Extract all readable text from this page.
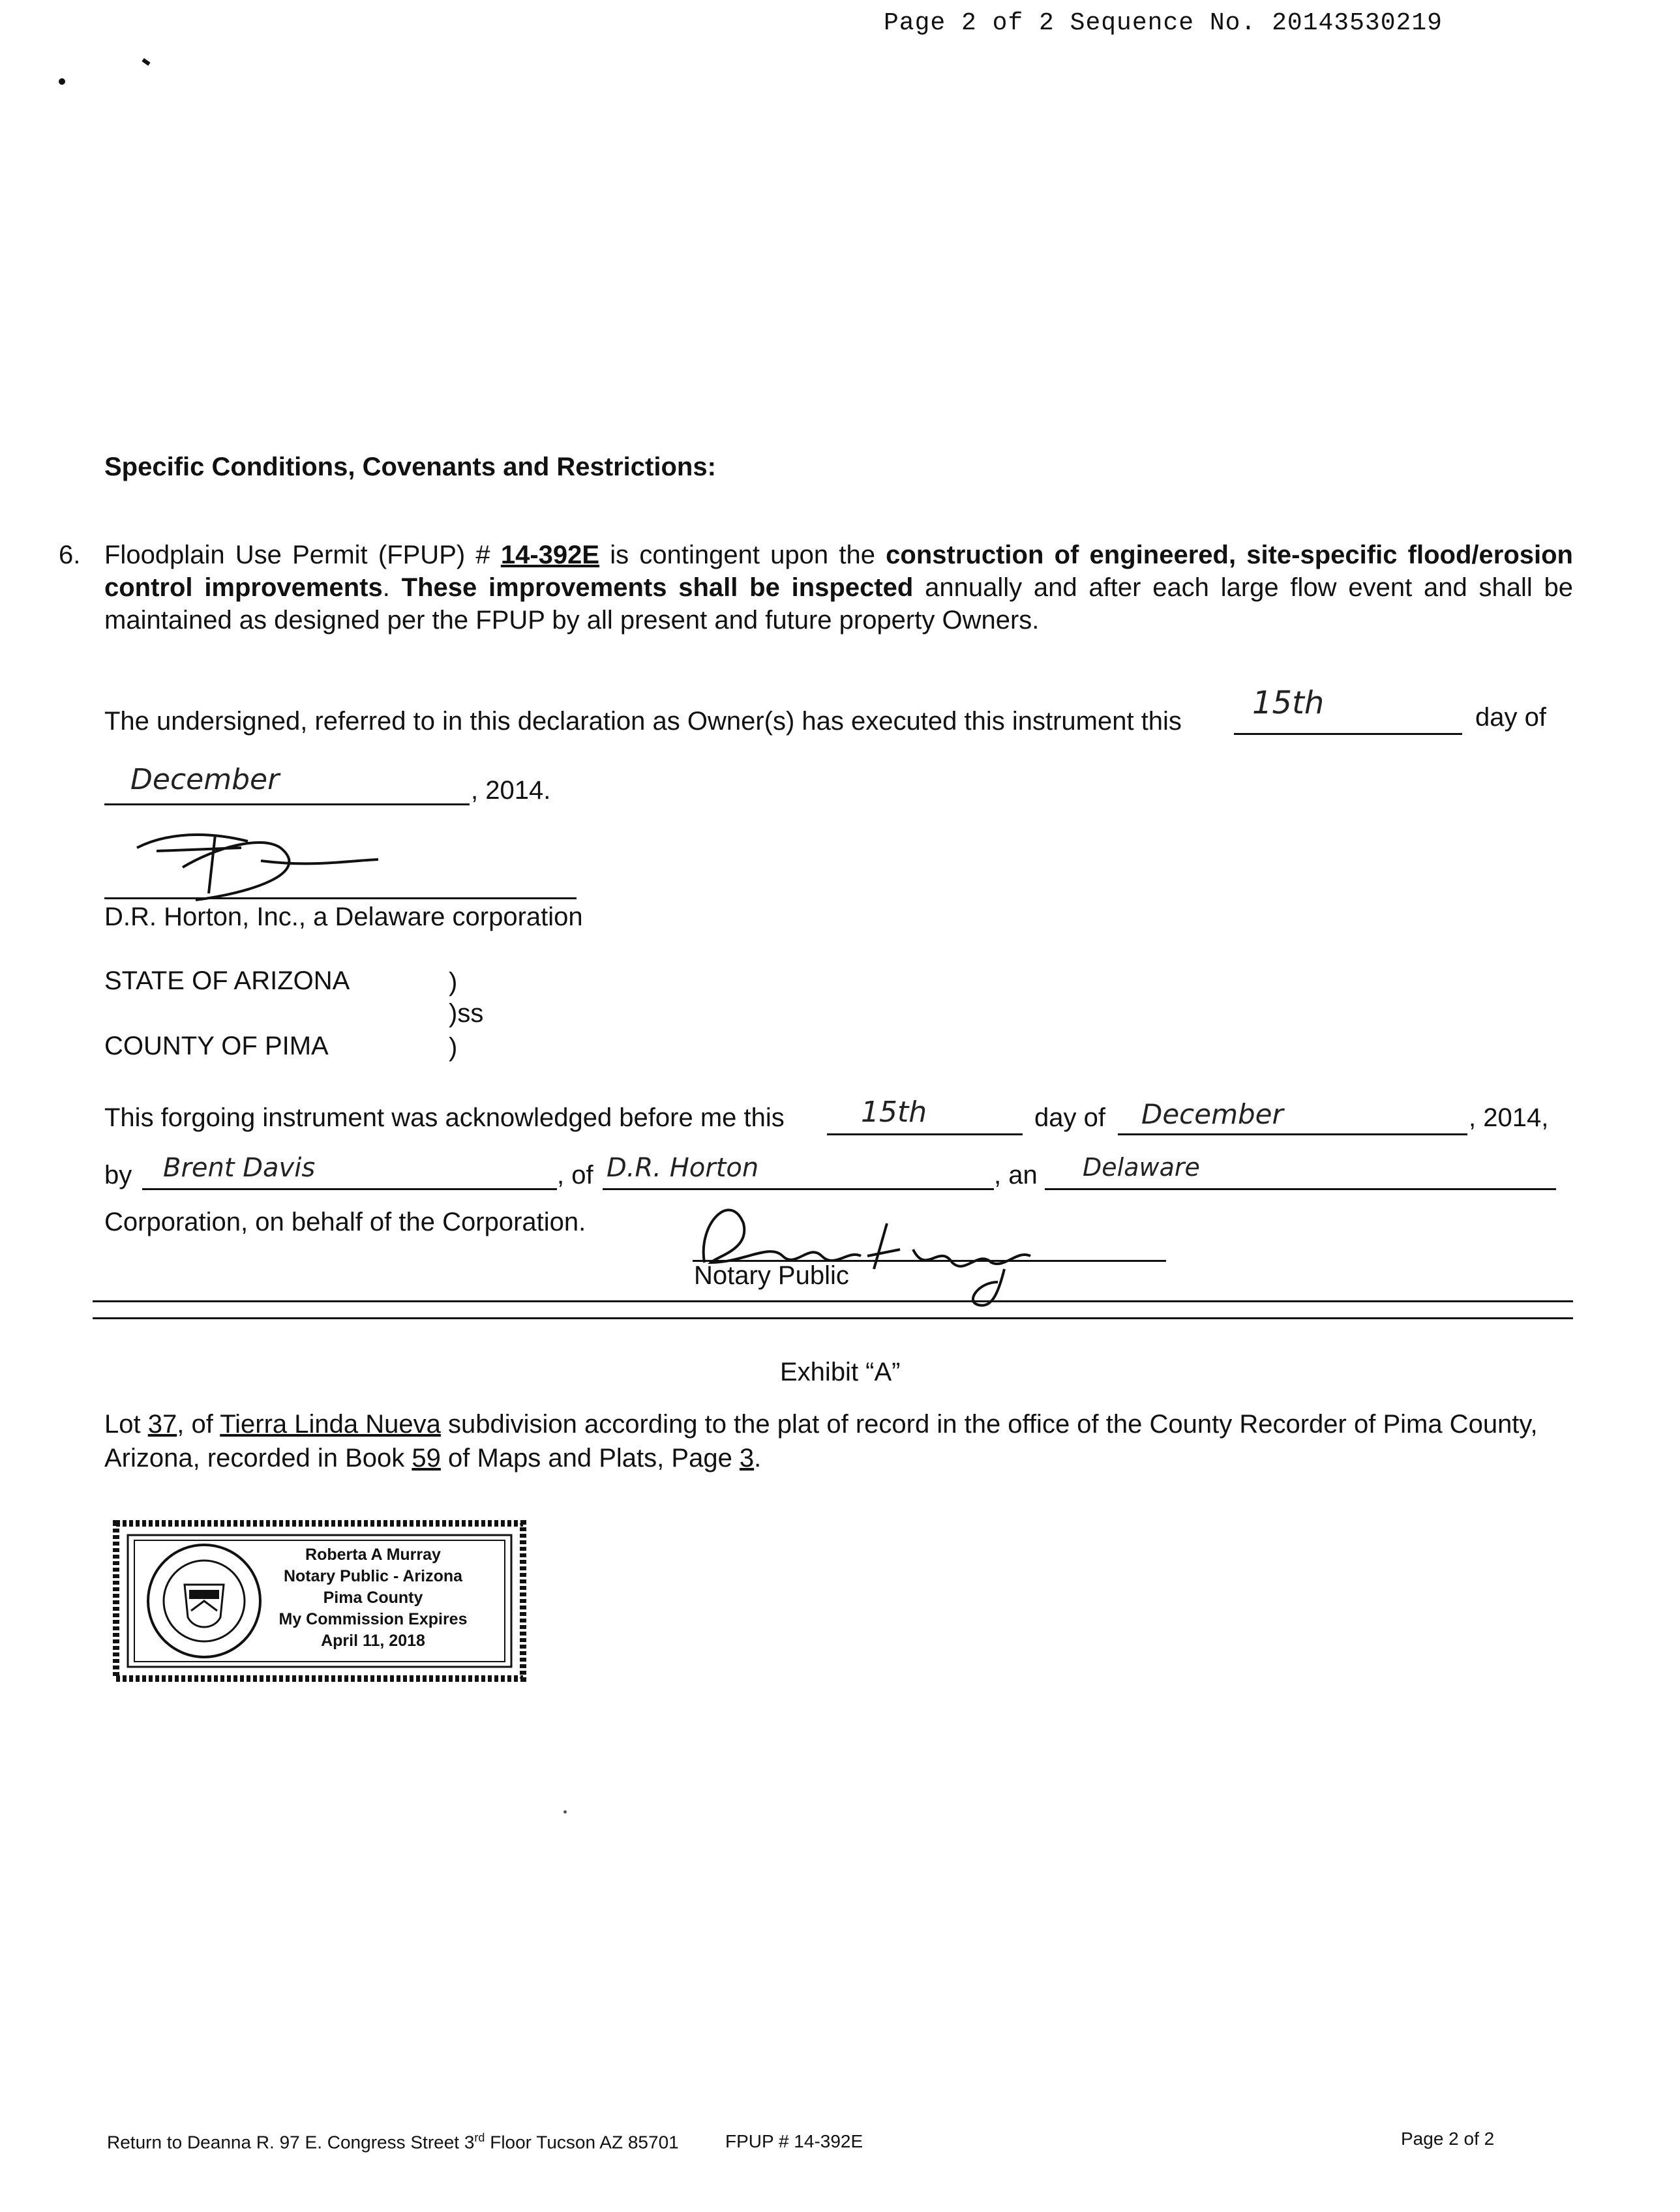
Page 2 of 2 Sequence No. 20143530219
Specific Conditions, Covenants and Restrictions:
6. Floodplain Use Permit (FPUP) # 14-392E is contingent upon the construction of engineered, site-specific flood/erosion control improvements. These improvements shall be inspected annually and after each large flow event and shall be maintained as designed per the FPUP by all present and future property Owners.
The undersigned, referred to in this declaration as Owner(s) has executed this instrument this 15th	day of
December	, 2014.
D.R. Horton, Inc., a Delaware corporation
STATE OF ARIZONA	)
)ss
COUNTY OF PIMA	)
This forgoing instrument was acknowledged before me this	15th	day of December	, 2014,
by Brent Davis	, of D.R. Horton	, an Delaware
Corporation, on behalf of the Corporation.
Notary Public
Exhibit “A”
Lot 37, of Tierra Linda Nueva subdivision according to the plat of record in the office of the County Recorder of Pima County, Arizona, recorded in Book 59 of Maps and Plats, Page 3.
Roberta A Murray
Notary Public - Arizona
Pima County
My Commission Expires
April 11, 2018
Return to Deanna R. 97 E. Congress Street 3rd Floor Tucson AZ 85701	FPUP # 14-392E	Page 2 of 2
